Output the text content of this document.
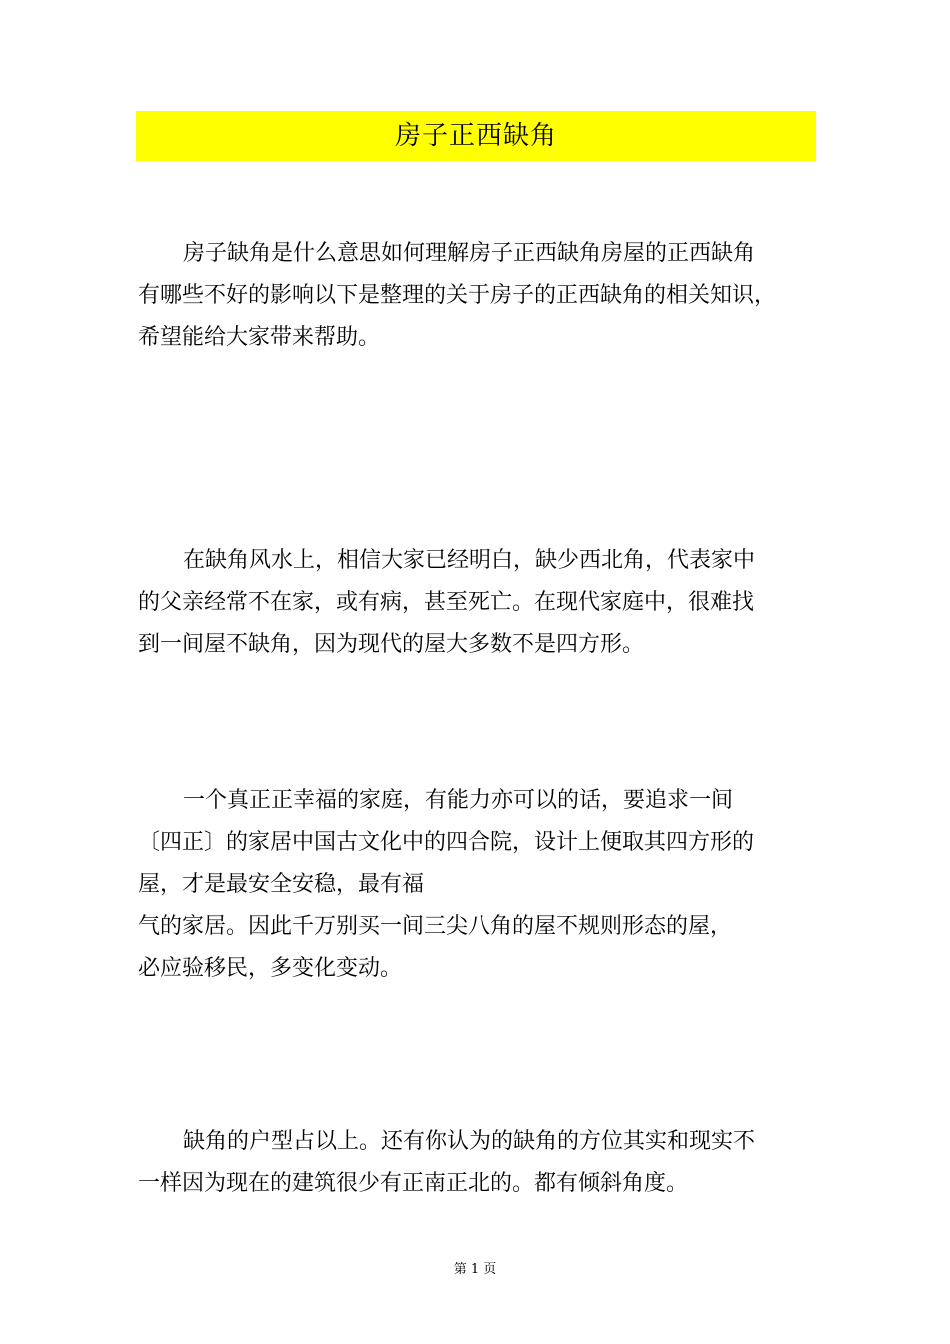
房子正西缺角
房子缺角是什么意思如何理解房子正西缺角房屋的正西缺角
有哪些不好的影响以下是整理的关于房子的正西缺角的相关知识，
希望能给大家带来帮助。
在缺角风水上，相信大家已经明白，缺少西北角，代表家中
的父亲经常不在家，或有病，甚至死亡。在现代家庭中，很难找
到一间屋不缺角，因为现代的屋大多数不是四方形。
一个真正正幸福的家庭，有能力亦可以的话，要追求一间
〔四正〕的家居中国古文化中的四合院，设计上便取其四方形的
屋，才是最安全安稳，最有福
气的家居。因此千万别买一间三尖八角的屋不规则形态的屋，
必应验移民，多变化变动。
缺角的户型占以上。还有你认为的缺角的方位其实和现实不
一样因为现在的建筑很少有正南正北的。都有倾斜角度。
第 1 页
